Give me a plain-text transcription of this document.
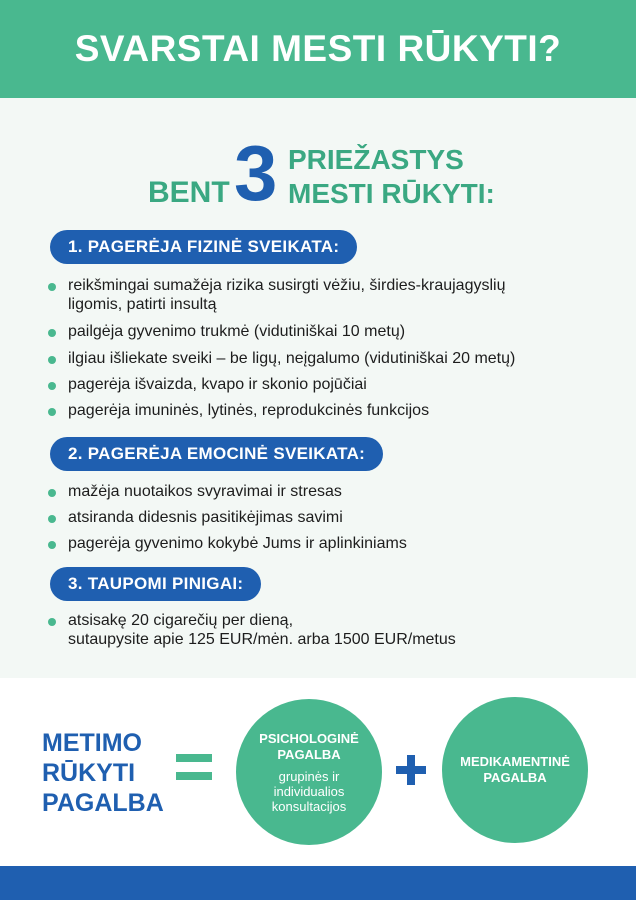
SVARSTAI MESTI RŪKYTI?
BENT 3 PRIEŽASTYS
MESTI RŪKYTI:
1. PAGERĖJA FIZINĖ SVEIKATA:
reikšmingai sumažėja rizika susirgti vėžiu, širdies-kraujagyslių
ligomis, patirti insultą
pailgėja gyvenimo trukmė (vidutiniškai 10 metų)
ilgiau išliekate sveiki – be ligų, neįgalumo (vidutiniškai 20 metų)
pagerėja išvaizda, kvapo ir skonio pojūčiai
pagerėja imuninės, lytinės, reprodukcinės funkcijos
2. PAGERĖJA EMOCINĖ SVEIKATA:
mažėja nuotaikos svyravimai ir stresas
atsiranda didesnis pasitikėjimas savimi
pagerėja gyvenimo kokybė Jums ir aplinkiniams
3. TAUPOMI PINIGAI:
atsisakę 20 cigarečių per dieną,
sutaupysite apie 125 EUR/mėn. arba 1500 EUR/metus
METIMO
RŪKYTI
PAGALBA
PSICHOLOGINĖ
PAGALBA
grupinės ir
individualios
konsultacijos
MEDIKAMENTINĖ
PAGALBA
